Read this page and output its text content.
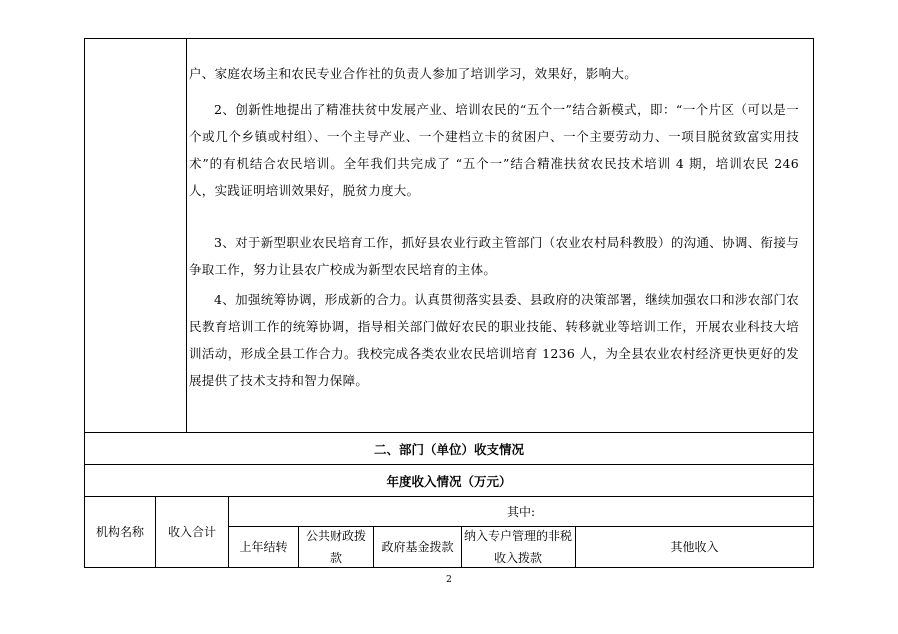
户、家庭农场主和农民专业合作社的负责人参加了培训学习，效果好，影响大。
2、创新性地提出了精准扶贫中发展产业、培训农民的“五个一”结合新模式，即：“一个片区（可以是一个或几个乡镇或村组）、一个主导产业、一个建档立卡的贫困户、一个主要劳动力、一项目脱贫致富实用技术”的有机结合农民培训。全年我们共完成了 “五个一”结合精准扶贫农民技术培训 4 期，培训农民 246 人，实践证明培训效果好，脱贫力度大。
3、对于新型职业农民培育工作，抓好县农业行政主管部门（农业农村局科教股）的沟通、协调、衔接与争取工作，努力让县农广校成为新型农民培育的主体。
4、加强统筹协调，形成新的合力。认真贯彻落实县委、县政府的决策部署，继续加强农口和涉农部门农民教育培训工作的统筹协调，指导相关部门做好农民的职业技能、转移就业等培训工作，开展农业科技大培训活动，形成全县工作合力。我校完成各类农业农民培训培育 1236 人，为全县农业农村经济更快更好的发展提供了技术支持和智力保障。
二、部门（单位）收支情况
年度收入情况（万元）
机构名称	收入合计
其中:
上年结转
公共财政拨款
政府基金拨款
纳入专户管理的非税收入拨款
其他收入
2
